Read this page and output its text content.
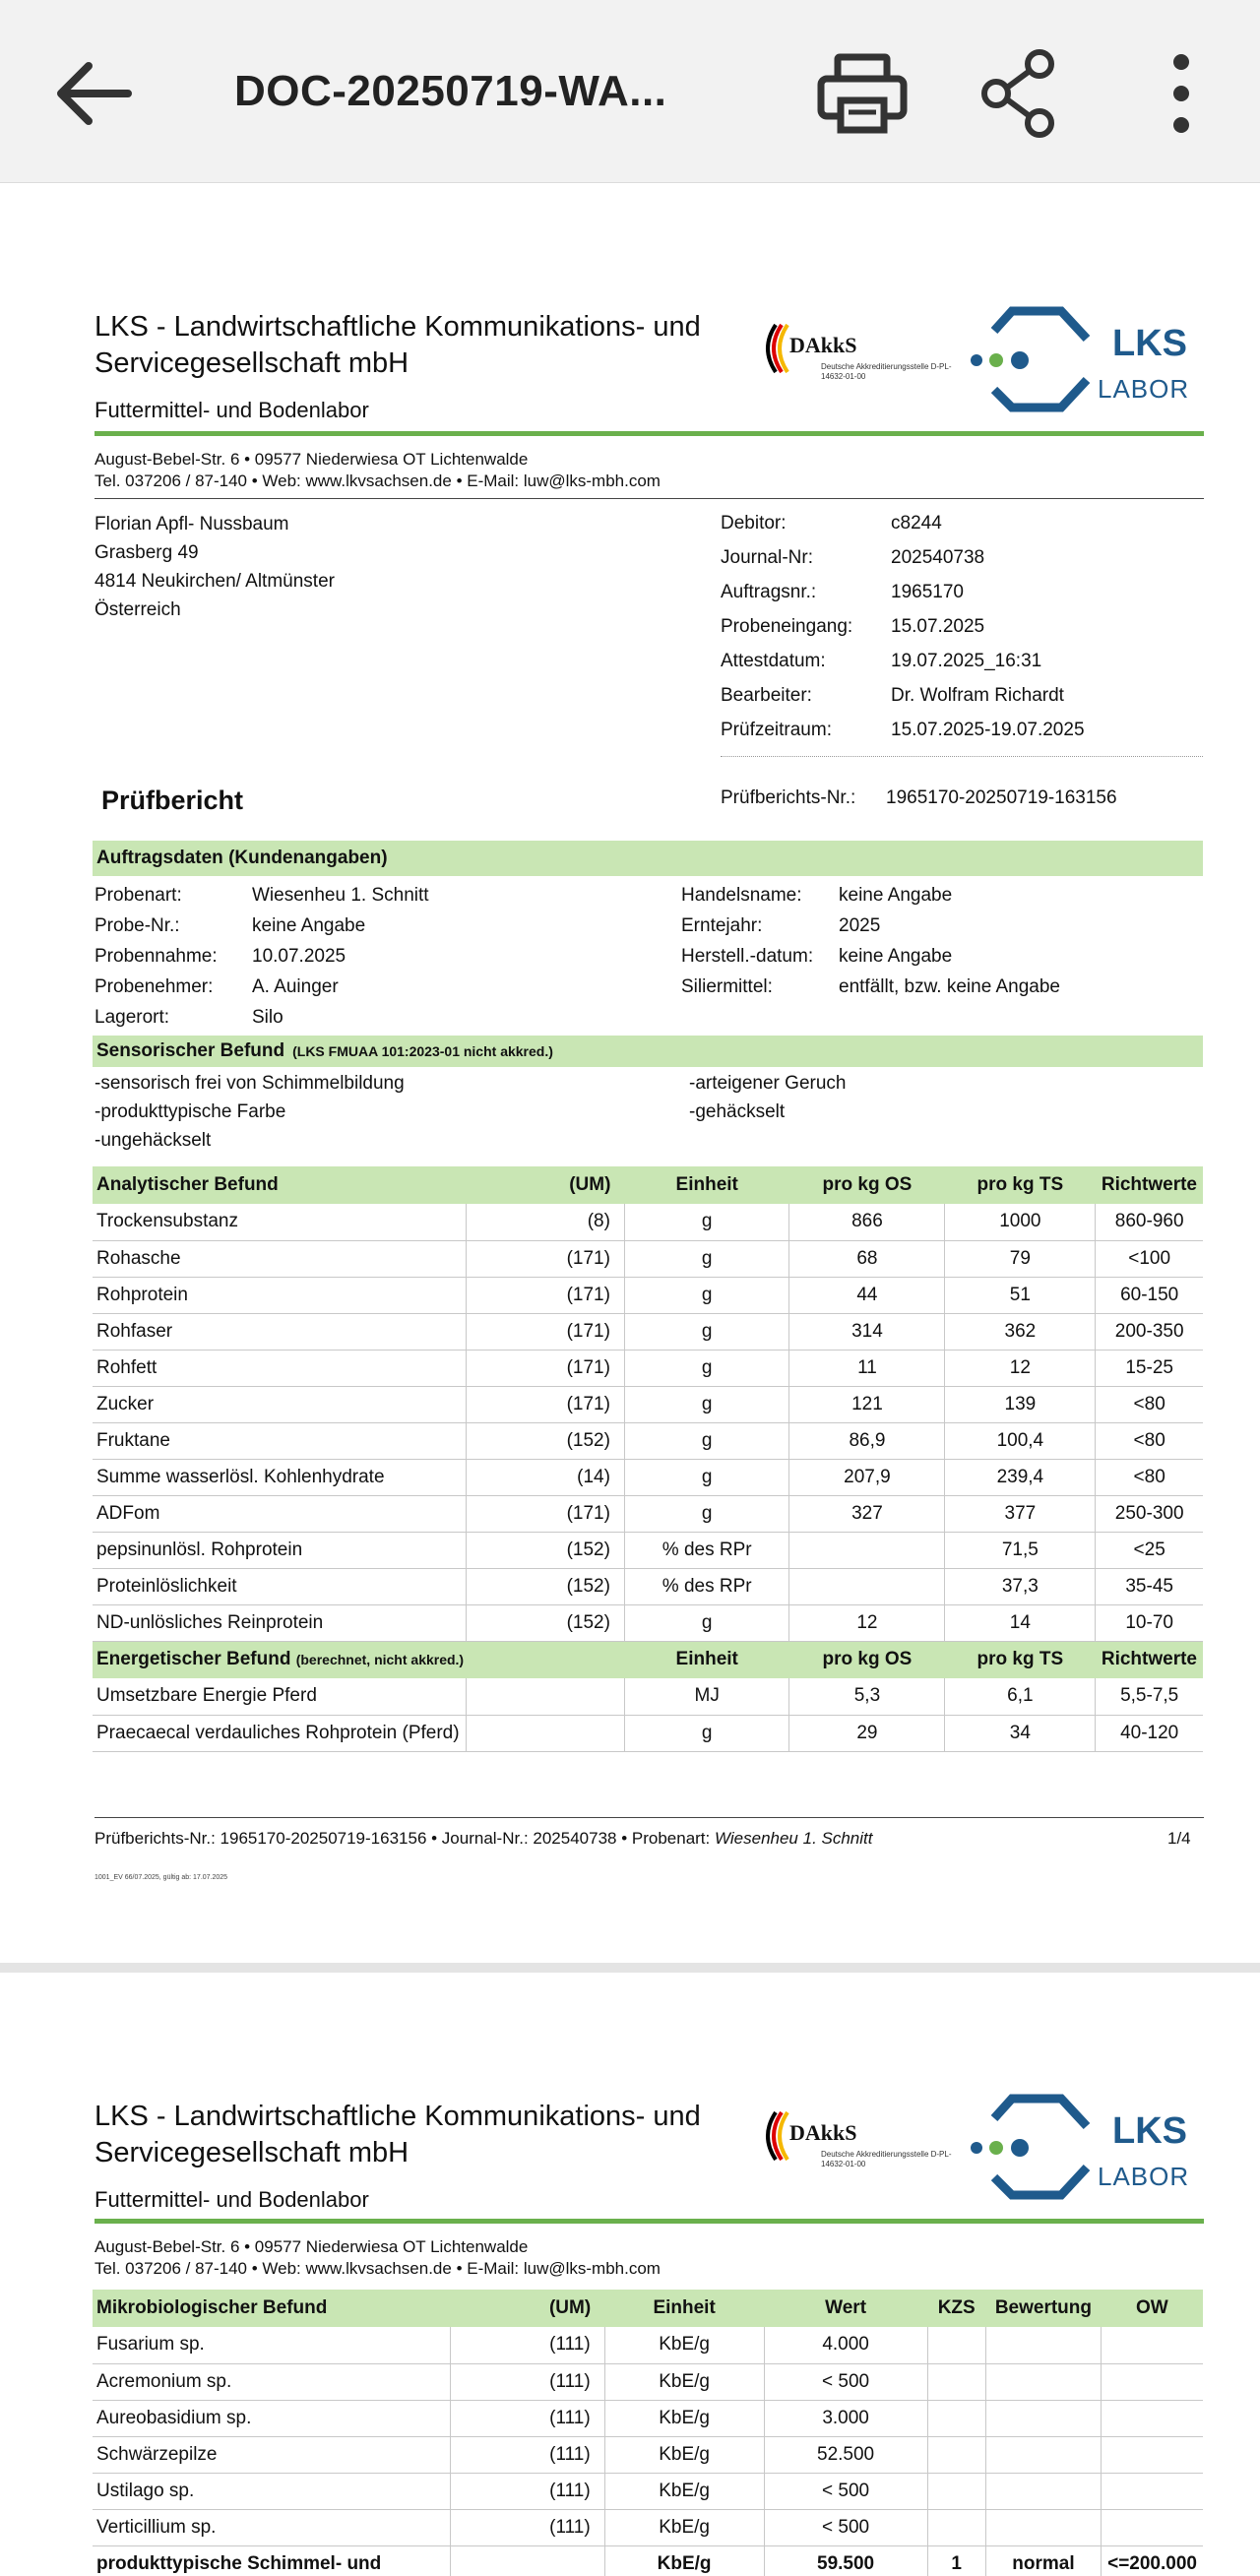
DOC-20250719-WA...
LKS - Landwirtschaftliche Kommunikations- und
Servicegesellschaft mbH
Futtermittel- und Bodenlabor
DAkkS
Deutsche Akkreditierungsstelle D-PL-14632-01-00
LKS
LABOR
August-Bebel-Str. 6 • 09577 Niederwiesa OT Lichtenwalde
Tel. 037206 / 87-140 • Web: www.lkvsachsen.de • E-Mail: luw@lks-mbh.com
Florian Apfl- Nussbaum
Grasberg 49
4814 Neukirchen/ Altmünster
Österreich
Debitor:	c8244
Journal-Nr:	202540738
Auftragsnr.:	1965170
Probeneingang:	15.07.2025
Attestdatum:	19.07.2025_16:31
Bearbeiter:	Dr. Wolfram Richardt
Prüfzeitraum:	15.07.2025-19.07.2025
Prüfbericht	Prüfberichts-Nr.: 1965170-20250719-163156
Auftragsdaten (Kundenangaben)
Probenart:	Wiesenheu 1. Schnitt
Probe-Nr.:	keine Angabe
Probennahme:	10.07.2025
Probenehmer:	A. Auinger
Lagerort:	Silo
Handelsname:	keine Angabe
Erntejahr:	2025
Herstell.-datum:	keine Angabe
Siliermittel:	entfällt, bzw. keine Angabe
Sensorischer Befund (LKS FMUAA 101:2023-01 nicht akkred.)
-sensorisch frei von Schimmelbildung
-produkttypische Farbe
-ungehäckselt
-arteigener Geruch
-gehäckselt
Analytischer Befund	(UM)	Einheit	pro kg OS	pro kg TS	Richtwerte
Trockensubstanz	(8)	g	866	1000	860-960
Rohasche	(171)	g	68	79	<100
Rohprotein	(171)	g	44	51	60-150
Rohfaser	(171)	g	314	362	200-350
Rohfett	(171)	g	11	12	15-25
Zucker	(171)	g	121	139	<80
Fruktane	(152)	g	86,9	100,4	<80
Summe wasserlösl. Kohlenhydrate	(14)	g	207,9	239,4	<80
ADFom	(171)	g	327	377	250-300
pepsinunlösl. Rohprotein	(152)	% des RPr		71,5	<25
Proteinlöslichkeit	(152)	% des RPr		37,3	35-45
ND-unlösliches Reinprotein	(152)	g	12	14	10-70
Energetischer Befund (berechnet, nicht akkred.)		Einheit	pro kg OS	pro kg TS	Richtwerte
Umsetzbare Energie Pferd		MJ	5,3	6,1	5,5-7,5
Praecaecal verdauliches Rohprotein (Pferd)		g	29	34	40-120
Prüfberichts-Nr.: 1965170-20250719-163156 • Journal-Nr.: 202540738 • Probenart: Wiesenheu 1. Schnitt	1/4
1001_EV 66/07.2025, gültig ab: 17.07.2025
LKS - Landwirtschaftliche Kommunikations- und
Servicegesellschaft mbH
Futtermittel- und Bodenlabor
DAkkS
Deutsche Akkreditierungsstelle D-PL-14632-01-00
LKS
LABOR
August-Bebel-Str. 6 • 09577 Niederwiesa OT Lichtenwalde
Tel. 037206 / 87-140 • Web: www.lkvsachsen.de • E-Mail: luw@lks-mbh.com
Mikrobiologischer Befund	(UM)	Einheit	Wert	KZS	Bewertung	OW
Fusarium sp.	(111)	KbE/g	4.000			
Acremonium sp.	(111)	KbE/g	< 500			
Aureobasidium sp.	(111)	KbE/g	3.000			
Schwärzepilze	(111)	KbE/g	52.500			
Ustilago sp.	(111)	KbE/g	< 500			
Verticillium sp.	(111)	KbE/g	< 500			
produkttypische Schimmel- und		KbE/g	59.500	1	normal	<=200.000
